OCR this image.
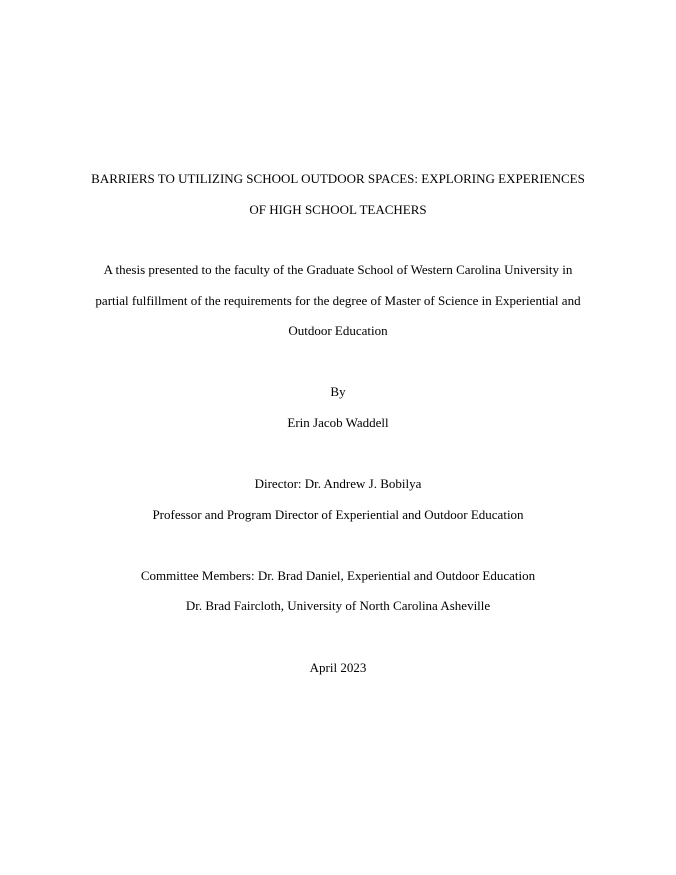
BARRIERS TO UTILIZING SCHOOL OUTDOOR SPACES: EXPLORING EXPERIENCES
OF HIGH SCHOOL TEACHERS
A thesis presented to the faculty of the Graduate School of Western Carolina University in
partial fulfillment of the requirements for the degree of Master of Science in Experiential and
Outdoor Education
By
Erin Jacob Waddell
Director: Dr. Andrew J. Bobilya
Professor and Program Director of Experiential and Outdoor Education
Committee Members: Dr. Brad Daniel, Experiential and Outdoor Education
Dr. Brad Faircloth, University of North Carolina Asheville
April 2023
